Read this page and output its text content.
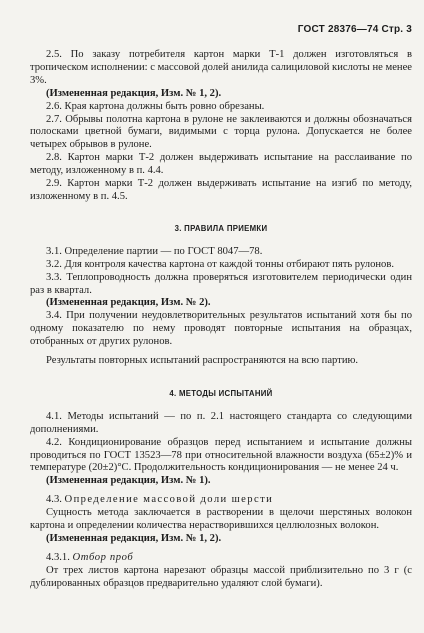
ГОСТ 28376—74 Стр. 3

2.5. По заказу потребителя картон марки Т-1 должен изготовляться в тропическом исполнении: с массовой долей анилида салициловой кислоты не менее 3%.

(Измененная редакция, Изм. № 1, 2).

2.6. Края картона должны быть ровно обрезаны.

2.7. Обрывы полотна картона в рулоне не заклеиваются и должны обозначаться полосками цветной бумаги, видимыми с торца рулона. Допускается не более четырех обрывов в рулоне.

2.8. Картон марки Т-2 должен выдерживать испытание на расслаивание по методу, изложенному в п. 4.4.

2.9. Картон марки Т-2 должен выдерживать испытание на изгиб по методу, изложенному в п. 4.5.

3. ПРАВИЛА ПРИЕМКИ

3.1. Определение партии — по ГОСТ 8047—78.

3.2. Для контроля качества картона от каждой тонны отбирают пять рулонов.

3.3. Теплопроводность должна проверяться изготовителем периодически один раз в квартал.

(Измененная редакция, Изм. № 2).

3.4. При получении неудовлетворительных результатов испытаний хотя бы по одному показателю по нему проводят повторные испытания на образцах, отобранных от других рулонов.

Результаты повторных испытаний распространяются на всю партию.

4. МЕТОДЫ ИСПЫТАНИЙ

4.1. Методы испытаний — по п. 2.1 настоящего стандарта со следующими дополнениями.

4.2. Кондиционирование образцов перед испытанием и испытание должны проводиться по ГОСТ 13523—78 при относительной влажности воздуха (65±2)% и температуре (20±2)°С. Продолжительность кондиционирования — не менее 24 ч.

(Измененная редакция, Изм. № 1).

4.3. Определение массовой доли шерсти

Сущность метода заключается в растворении в щелочи шерстяных волокон картона и определении количества нерастворившихся целлюлозных волокон.

(Измененная редакция, Изм. № 1, 2).

4.3.1. Отбор проб

От трех листов картона нарезают образцы массой приблизительно по 3 г (с дублированных образцов предварительно удаляют слой бумаги).
